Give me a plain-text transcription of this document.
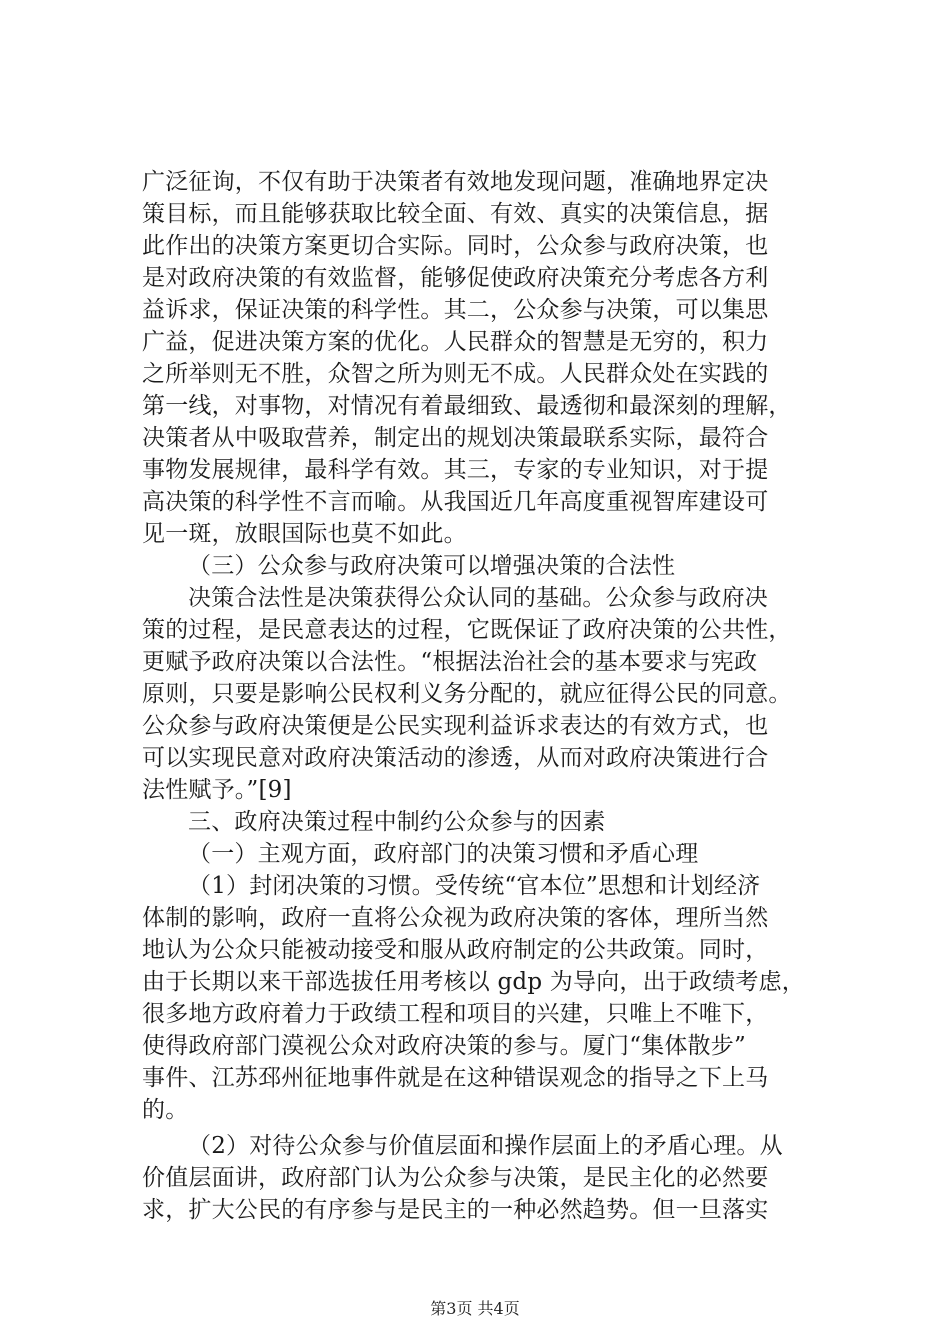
广泛征询，不仅有助于决策者有效地发现问题，准确地界定决
策目标，而且能够获取比较全面、有效、真实的决策信息，据
此作出的决策方案更切合实际。同时，公众参与政府决策，也
是对政府决策的有效监督，能够促使政府决策充分考虑各方利
益诉求，保证决策的科学性。其二，公众参与决策，可以集思
广益，促进决策方案的优化。人民群众的智慧是无穷的，积力
之所举则无不胜，众智之所为则无不成。人民群众处在实践的
第一线，对事物，对情况有着最细致、最透彻和最深刻的理解，
决策者从中吸取营养，制定出的规划决策最联系实际，最符合
事物发展规律，最科学有效。其三，专家的专业知识，对于提
高决策的科学性不言而喻。从我国近几年高度重视智库建设可
见一斑，放眼国际也莫不如此。
（三）公众参与政府决策可以增强决策的合法性
决策合法性是决策获得公众认同的基础。公众参与政府决
策的过程，是民意表达的过程，它既保证了政府决策的公共性，
更赋予政府决策以合法性。“根据法治社会的基本要求与宪政
原则，只要是影响公民权利义务分配的，就应征得公民的同意。
公众参与政府决策便是公民实现利益诉求表达的有效方式，也
可以实现民意对政府决策活动的渗透，从而对政府决策进行合
法性赋予。”[9]
三、政府决策过程中制约公众参与的因素
（一）主观方面，政府部门的决策习惯和矛盾心理
（1）封闭决策的习惯。受传统“官本位”思想和计划经济
体制的影响，政府一直将公众视为政府决策的客体，理所当然
地认为公众只能被动接受和服从政府制定的公共政策。同时，
由于长期以来干部选拔任用考核以 gdp 为导向，出于政绩考虑，
很多地方政府着力于政绩工程和项目的兴建，只唯上不唯下，
使得政府部门漠视公众对政府决策的参与。厦门“集体散步”
事件、江苏邳州征地事件就是在这种错误观念的指导之下上马
的。
（2）对待公众参与价值层面和操作层面上的矛盾心理。从
价值层面讲，政府部门认为公众参与决策，是民主化的必然要
求，扩大公民的有序参与是民主的一种必然趋势。但一旦落实
第3页 共4页
